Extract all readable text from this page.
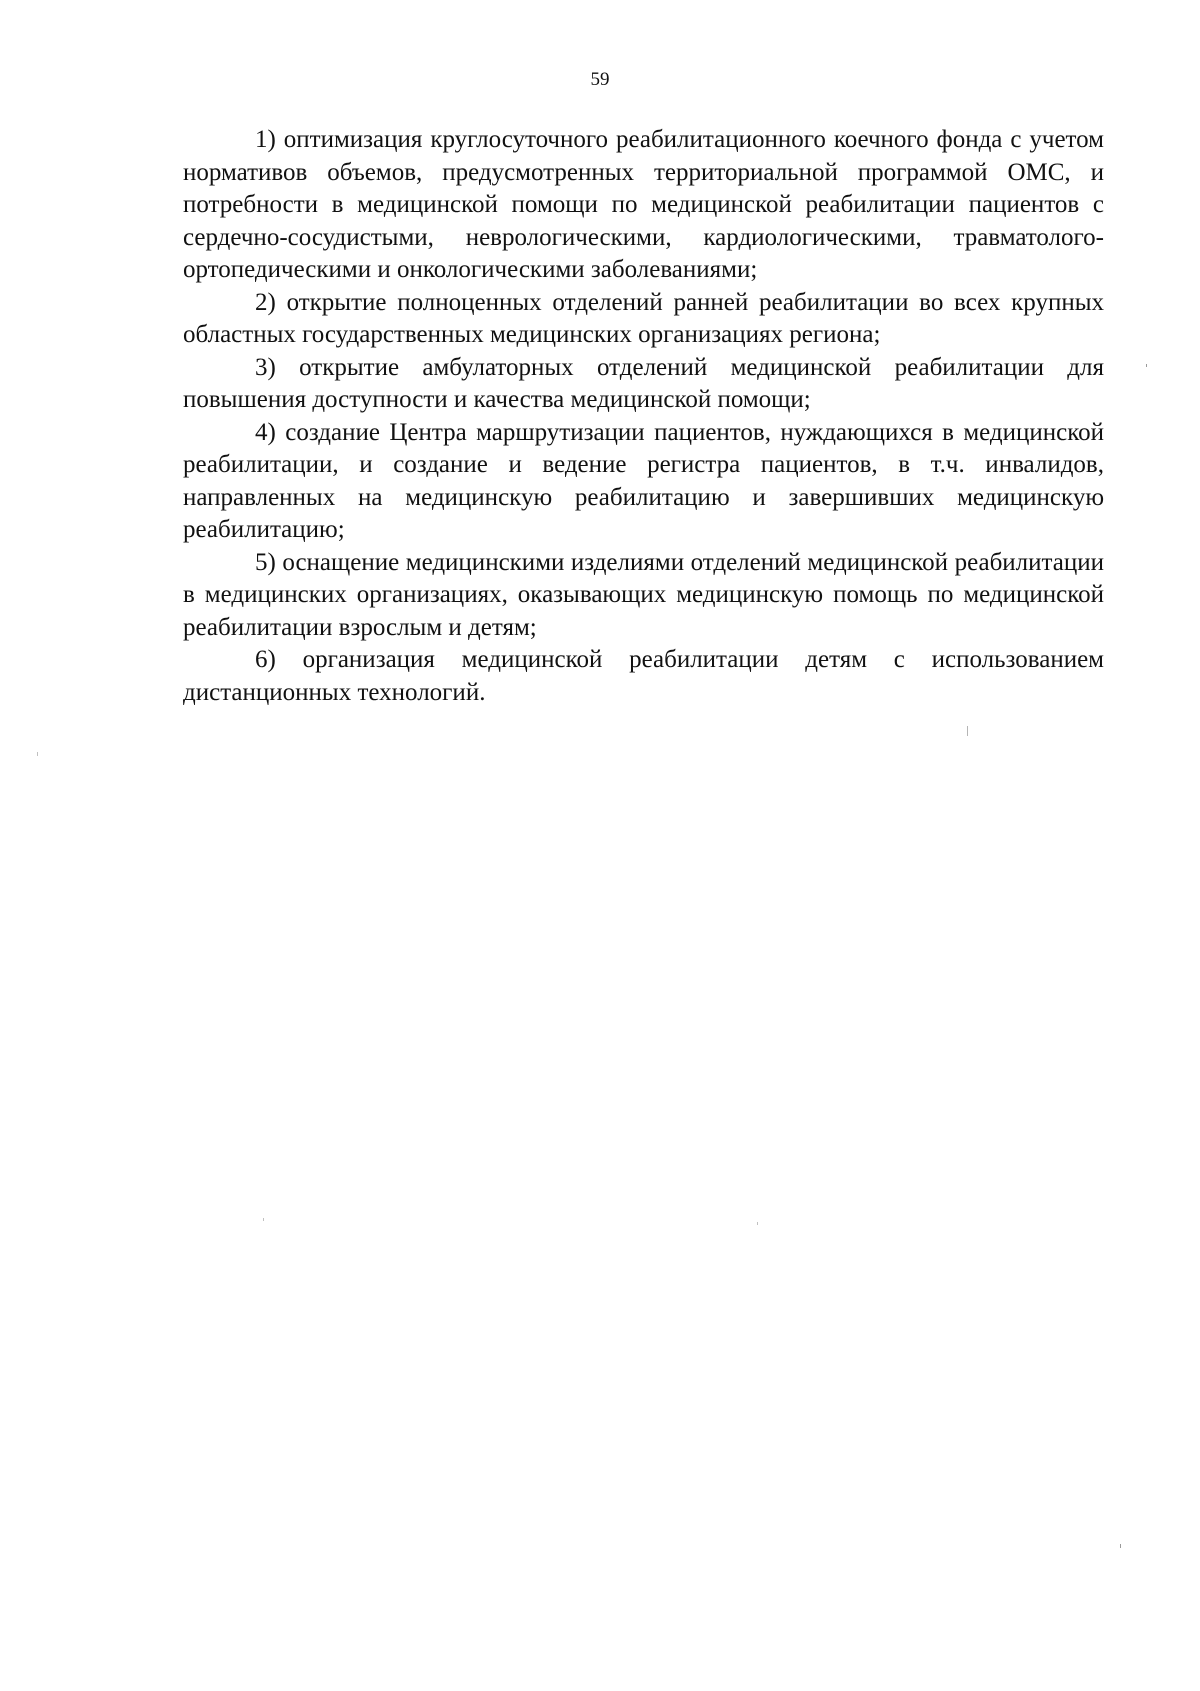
59

1) оптимизация круглосуточного реабилитационного коечного фонда с учетом нормативов объемов, предусмотренных территориальной программой ОМС, и потребности в медицинской помощи по медицинской реабилитации пациентов с сердечно-сосудистыми, неврологическими, кардиологическими, травматолого-ортопедическими и онкологическими заболеваниями;

2) открытие полноценных отделений ранней реабилитации во всех крупных областных государственных медицинских организациях региона;

3) открытие амбулаторных отделений медицинской реабилитации для повышения доступности и качества медицинской помощи;

4) создание Центра маршрутизации пациентов, нуждающихся в медицинской реабилитации, и создание и ведение регистра пациентов, в т.ч. инвалидов, направленных на медицинскую реабилитацию и завершивших медицинскую реабилитацию;

5) оснащение медицинскими изделиями отделений медицинской реабилитации в медицинских организациях, оказывающих медицинскую помощь по медицинской реабилитации взрослым и детям;

6) организация медицинской реабилитации детям с использованием дистанционных технологий.
